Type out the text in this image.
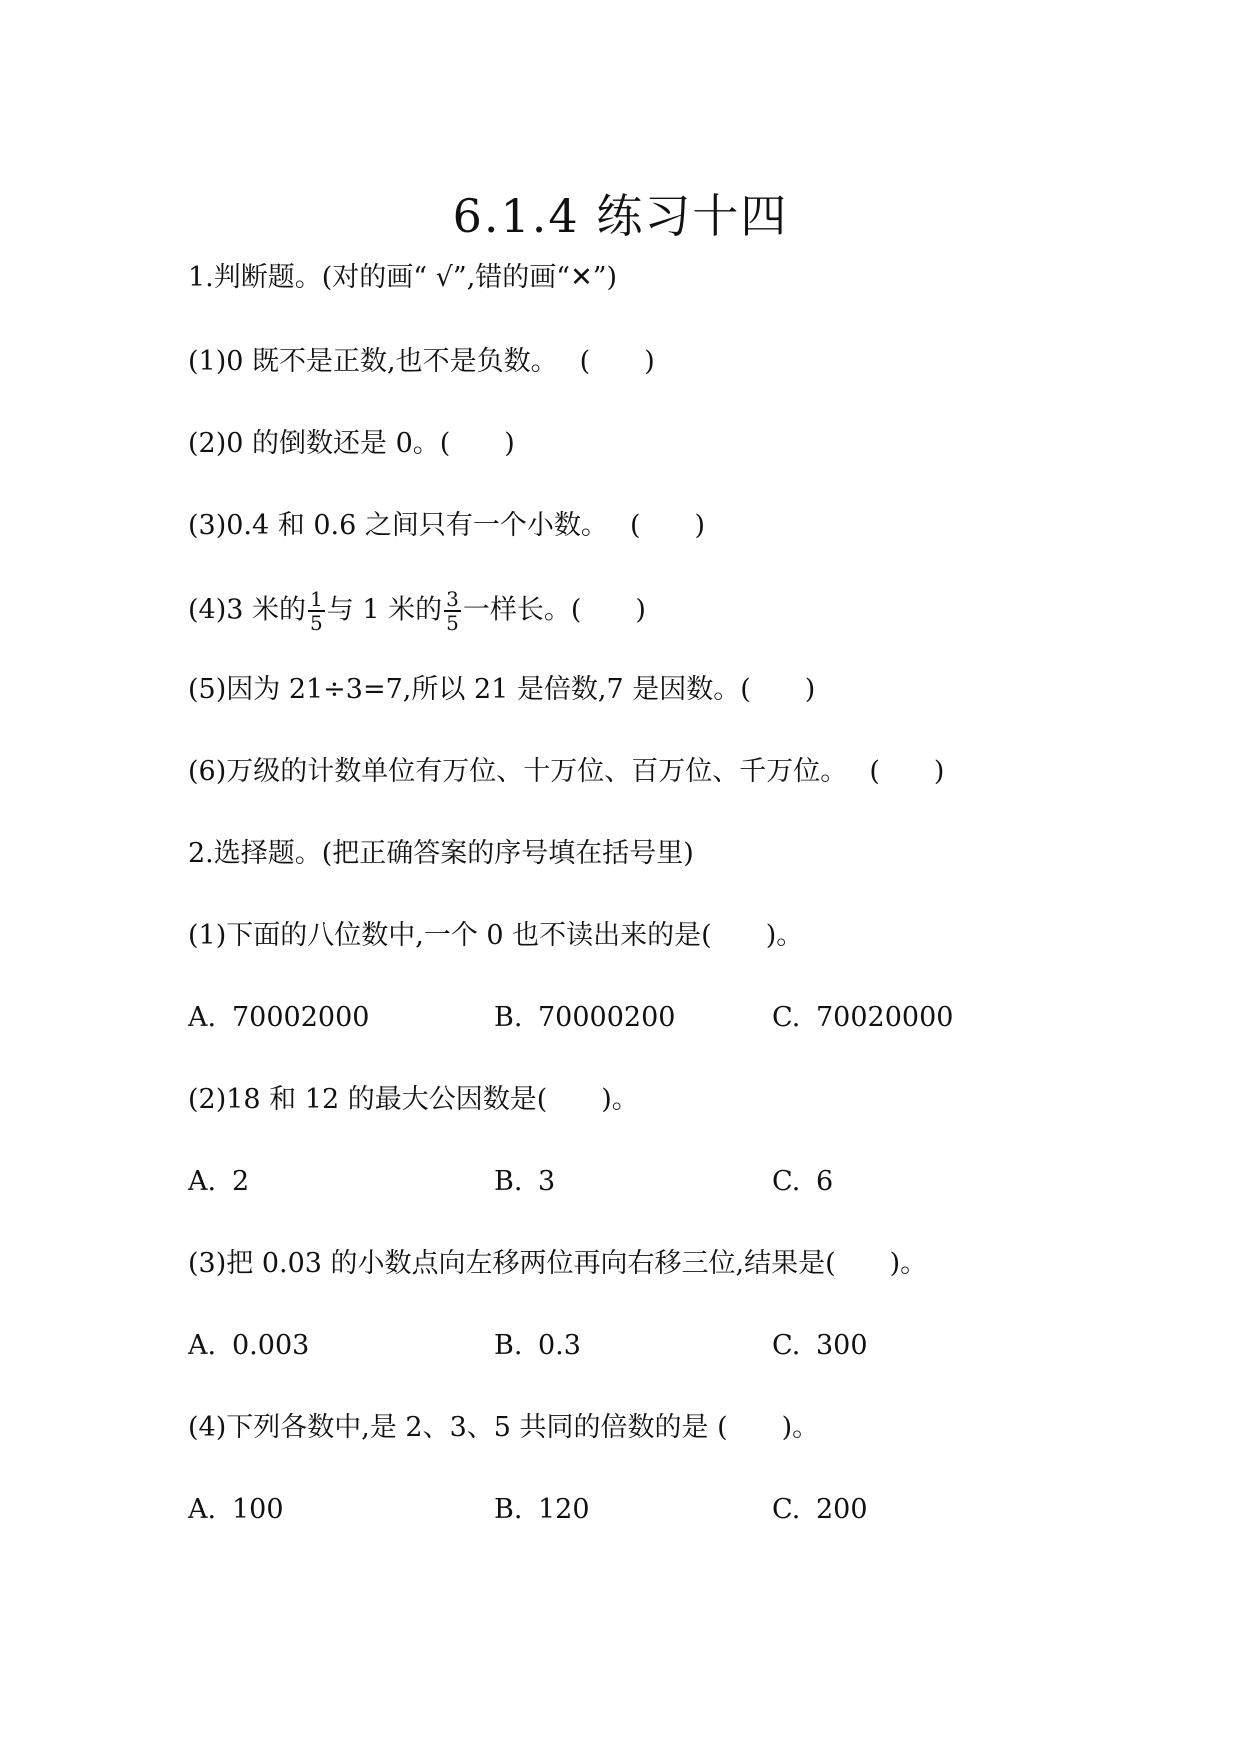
6.1.4 练习十四
1.判断题。(对的画“ √”,错的画“✕”)
(1)0 既不是正数,也不是负数。　 (　　)
(2)0 的倒数还是 0。(　　)
(3)0.4 和 0.6 之间只有一个小数。　 (　　)
(4)3 米的 $\frac{1}{5}$ 与 1 米的 $\frac{3}{5}$ 一样长。(　　)
(5)因为 21÷3=7,所以 21 是倍数,7 是因数。(　　)
(6)万级的计数单位有万位、十万位、百万位、千万位。　 (　　)
2.选择题。(把正确答案的序号填在括号里)
(1)下面的八位数中,一个 0 也不读出来的是(　　)。
A. 70002000	B. 70000200	C. 70020000
(2)18 和 12 的最大公因数是(　　)。
A. 2	B. 3	C. 6
(3)把 0.03 的小数点向左移两位再向右移三位,结果是(　　)。
A. 0.003	B. 0.3	C. 300
(4)下列各数中,是 2、3、5 共同的倍数的是 (　　)。
A. 100	B. 120	C. 200
